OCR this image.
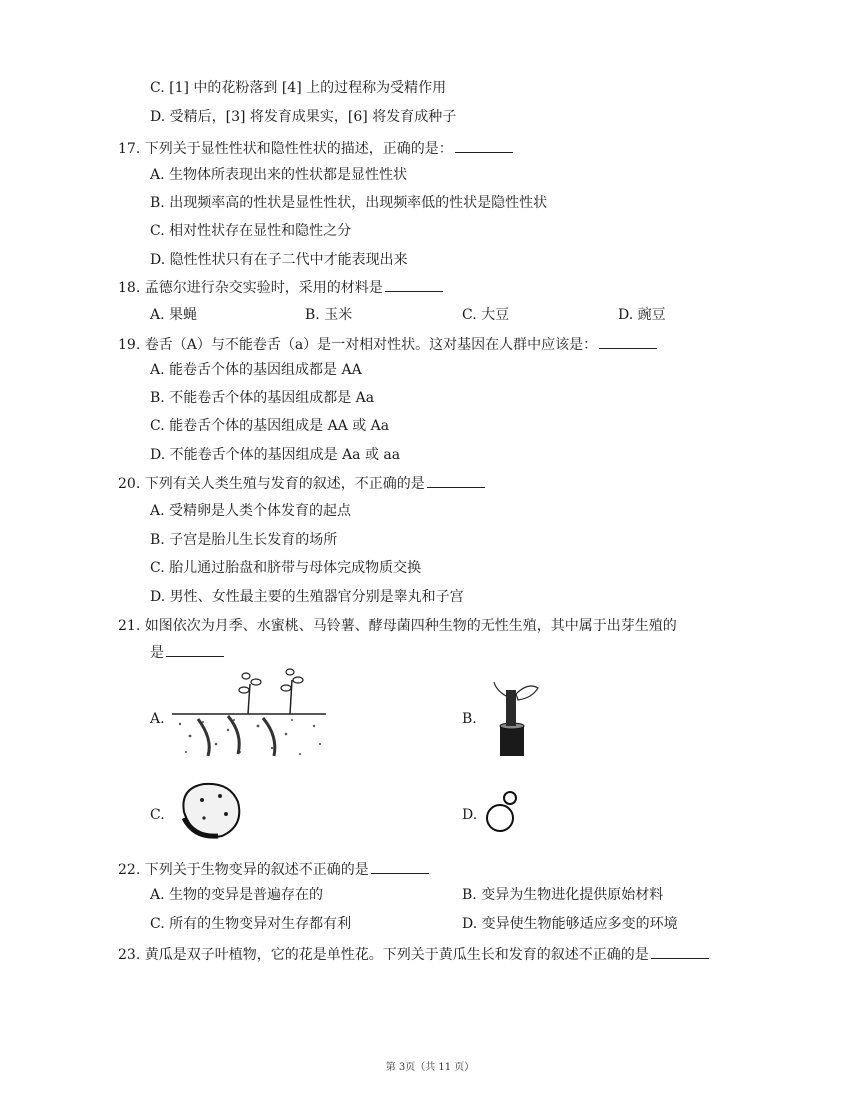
C. [1] 中的花粉落到 [4] 上的过程称为受精作用
D. 受精后，[3] 将发育成果实，[6] 将发育成种子
17. 下列关于显性性状和隐性性状的描述，正确的是：
A. 生物体所表现出来的性状都是显性性状
B. 出现频率高的性状是显性性状，出现频率低的性状是隐性性状
C. 相对性状存在显性和隐性之分
D. 隐性性状只有在子二代中才能表现出来
18. 孟德尔进行杂交实验时，采用的材料是
A. 果蝇	B. 玉米	C. 大豆	D. 豌豆
19. 卷舌（A）与不能卷舌（a）是一对相对性状。这对基因在人群中应该是：
A. 能卷舌个体的基因组成都是 AA
B. 不能卷舌个体的基因组成都是 Aa
C. 能卷舌个体的基因组成是 AA 或 Aa
D. 不能卷舌个体的基因组成是 Aa 或 aa
20. 下列有关人类生殖与发育的叙述，不正确的是
A. 受精卵是人类个体发育的起点
B. 子宫是胎儿生长发育的场所
C. 胎儿通过胎盘和脐带与母体完成物质交换
D. 男性、女性最主要的生殖器官分别是睾丸和子宫
21. 如图依次为月季、水蜜桃、马铃薯、酵母菌四种生物的无性生殖，其中属于出芽生殖的
是
A.	B.
C.	D.
22. 下列关于生物变异的叙述不正确的是
A. 生物的变异是普遍存在的	B. 变异为生物进化提供原始材料
C. 所有的生物变异对生存都有利	D. 变异使生物能够适应多变的环境
23. 黄瓜是双子叶植物，它的花是单性花。下列关于黄瓜生长和发育的叙述不正确的是
第 3页（共 11 页）
